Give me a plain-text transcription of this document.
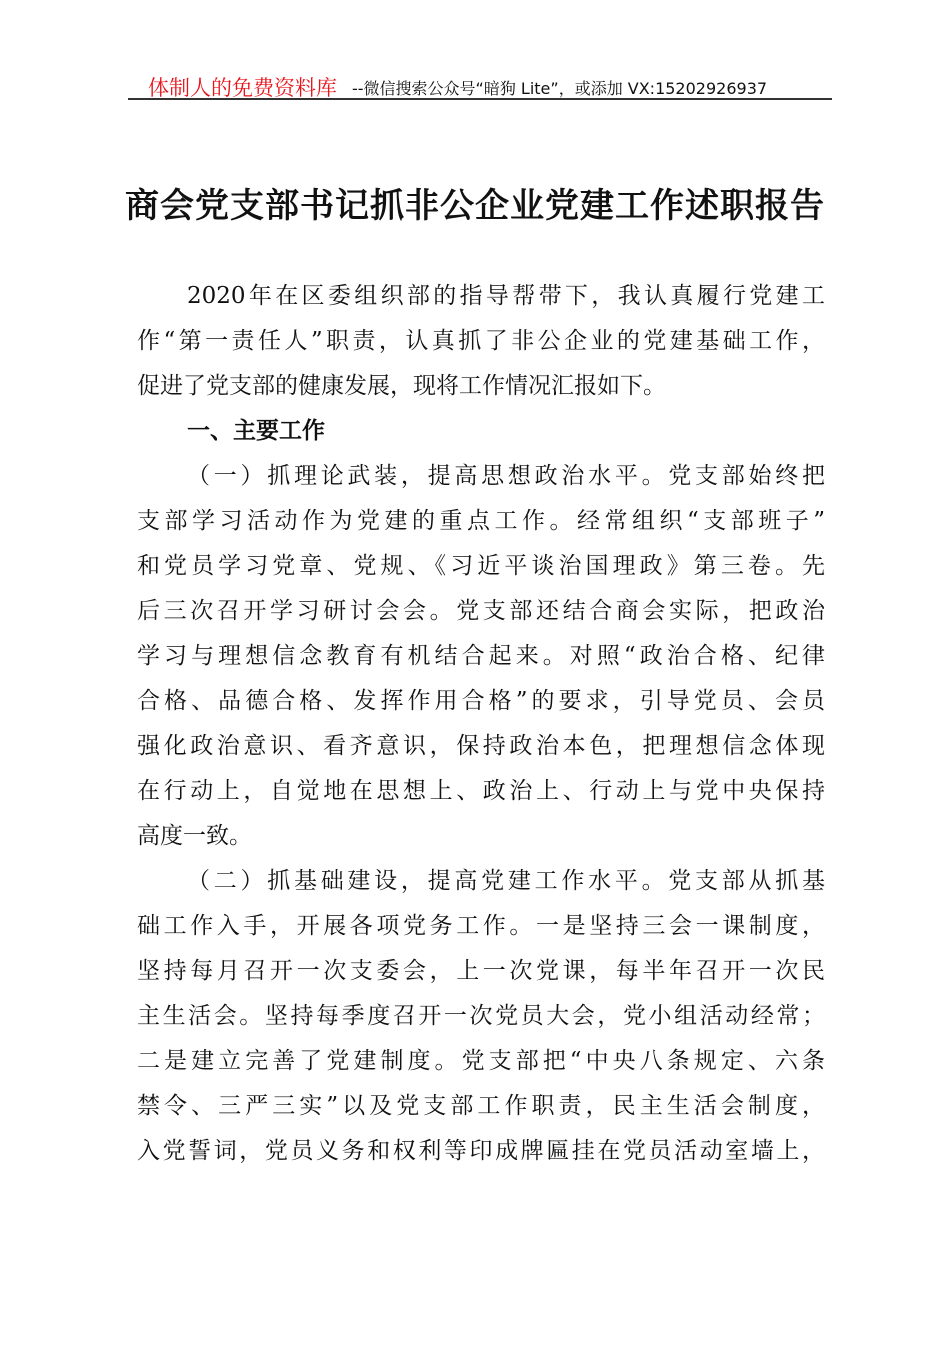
体制人的免费资料库 --微信搜索公众号“暗狗 Lite”，或添加 VX:15202926937
商会党支部书记抓非公企业党建工作述职报告
2020年在区委组织部的指导帮带下，我认真履行党建工
作“第一责任人”职责，认真抓了非公企业的党建基础工作，
促进了党支部的健康发展，现将工作情况汇报如下。
一、主要工作
（一）抓理论武装，提高思想政治水平。党支部始终把
支部学习活动作为党建的重点工作。经常组织“支部班子”
和党员学习党章、党规、《习近平谈治国理政》第三卷。先
后三次召开学习研讨会会。党支部还结合商会实际，把政治
学习与理想信念教育有机结合起来。对照“政治合格、纪律
合格、品德合格、发挥作用合格”的要求，引导党员、会员
强化政治意识、看齐意识，保持政治本色，把理想信念体现
在行动上，自觉地在思想上、政治上、行动上与党中央保持
高度一致。
（二）抓基础建设，提高党建工作水平。党支部从抓基
础工作入手，开展各项党务工作。一是坚持三会一课制度，
坚持每月召开一次支委会，上一次党课，每半年召开一次民
主生活会。坚持每季度召开一次党员大会，党小组活动经常；
二是建立完善了党建制度。党支部把“中央八条规定、六条
禁令、三严三实”以及党支部工作职责，民主生活会制度，
入党誓词，党员义务和权利等印成牌匾挂在党员活动室墙上，
